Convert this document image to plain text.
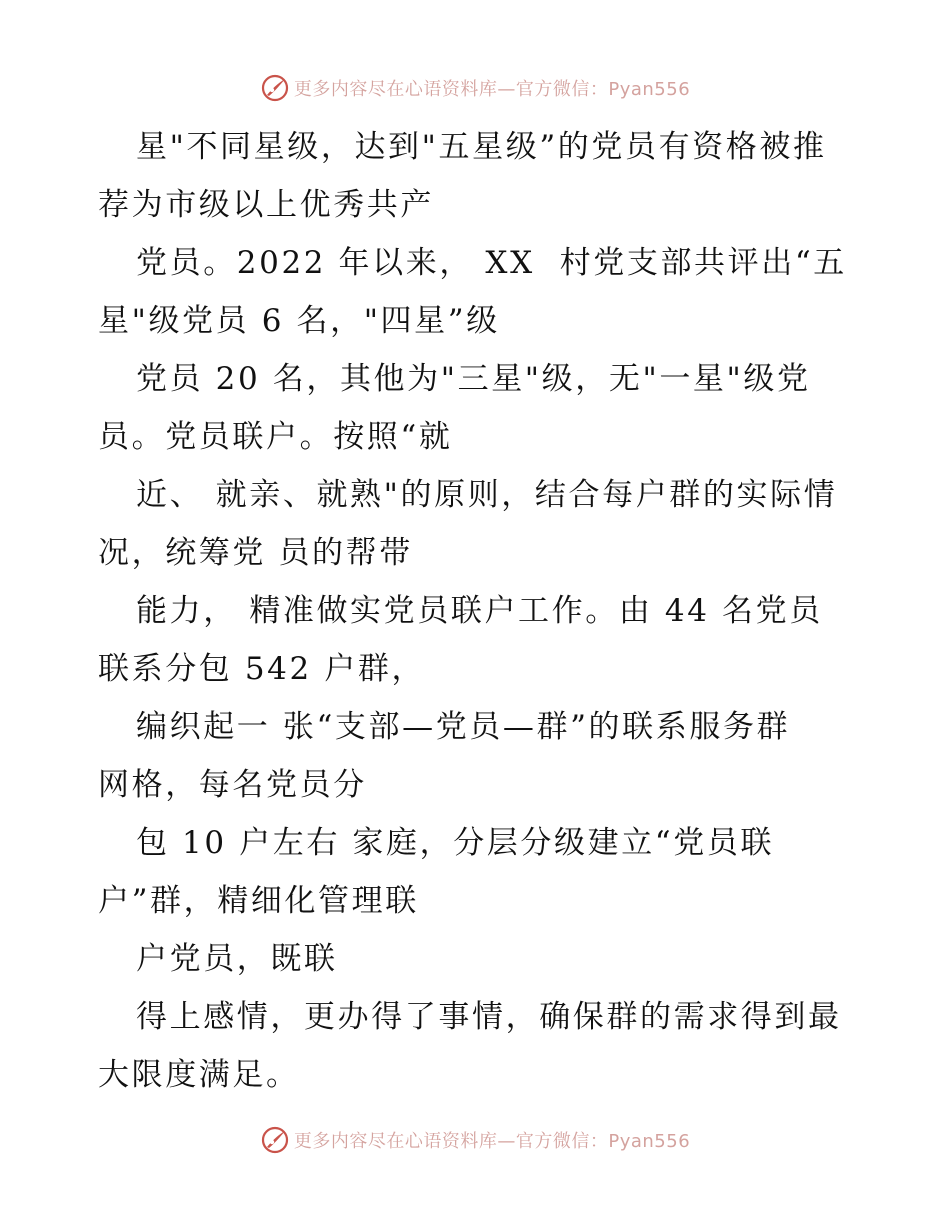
更多内容尽在心语资料库—官方微信：Pyan556
星"不同星级，达到"五星级”的党员有资格被推
荐为市级以上优秀共产
党员。2022 年以来， XX  村党支部共评出“五
星"级党员 6 名，"四星”级
党员 20 名，其他为"三星"级，无"一星"级党
员。党员联户。按照“就
近、 就亲、就熟"的原则，结合每户群的实际情
况，统筹党 员的帮带
能力， 精准做实党员联户工作。由 44 名党员
联系分包 542 户群，
编织起一 张“支部—党员—群”的联系服务群
网格，每名党员分
包 10 户左右 家庭，分层分级建立“党员联
户”群，精细化管理联
户党员，既联
得上感情，更办得了事情，确保群的需求得到最
大限度满足。
更多内容尽在心语资料库—官方微信：Pyan556
